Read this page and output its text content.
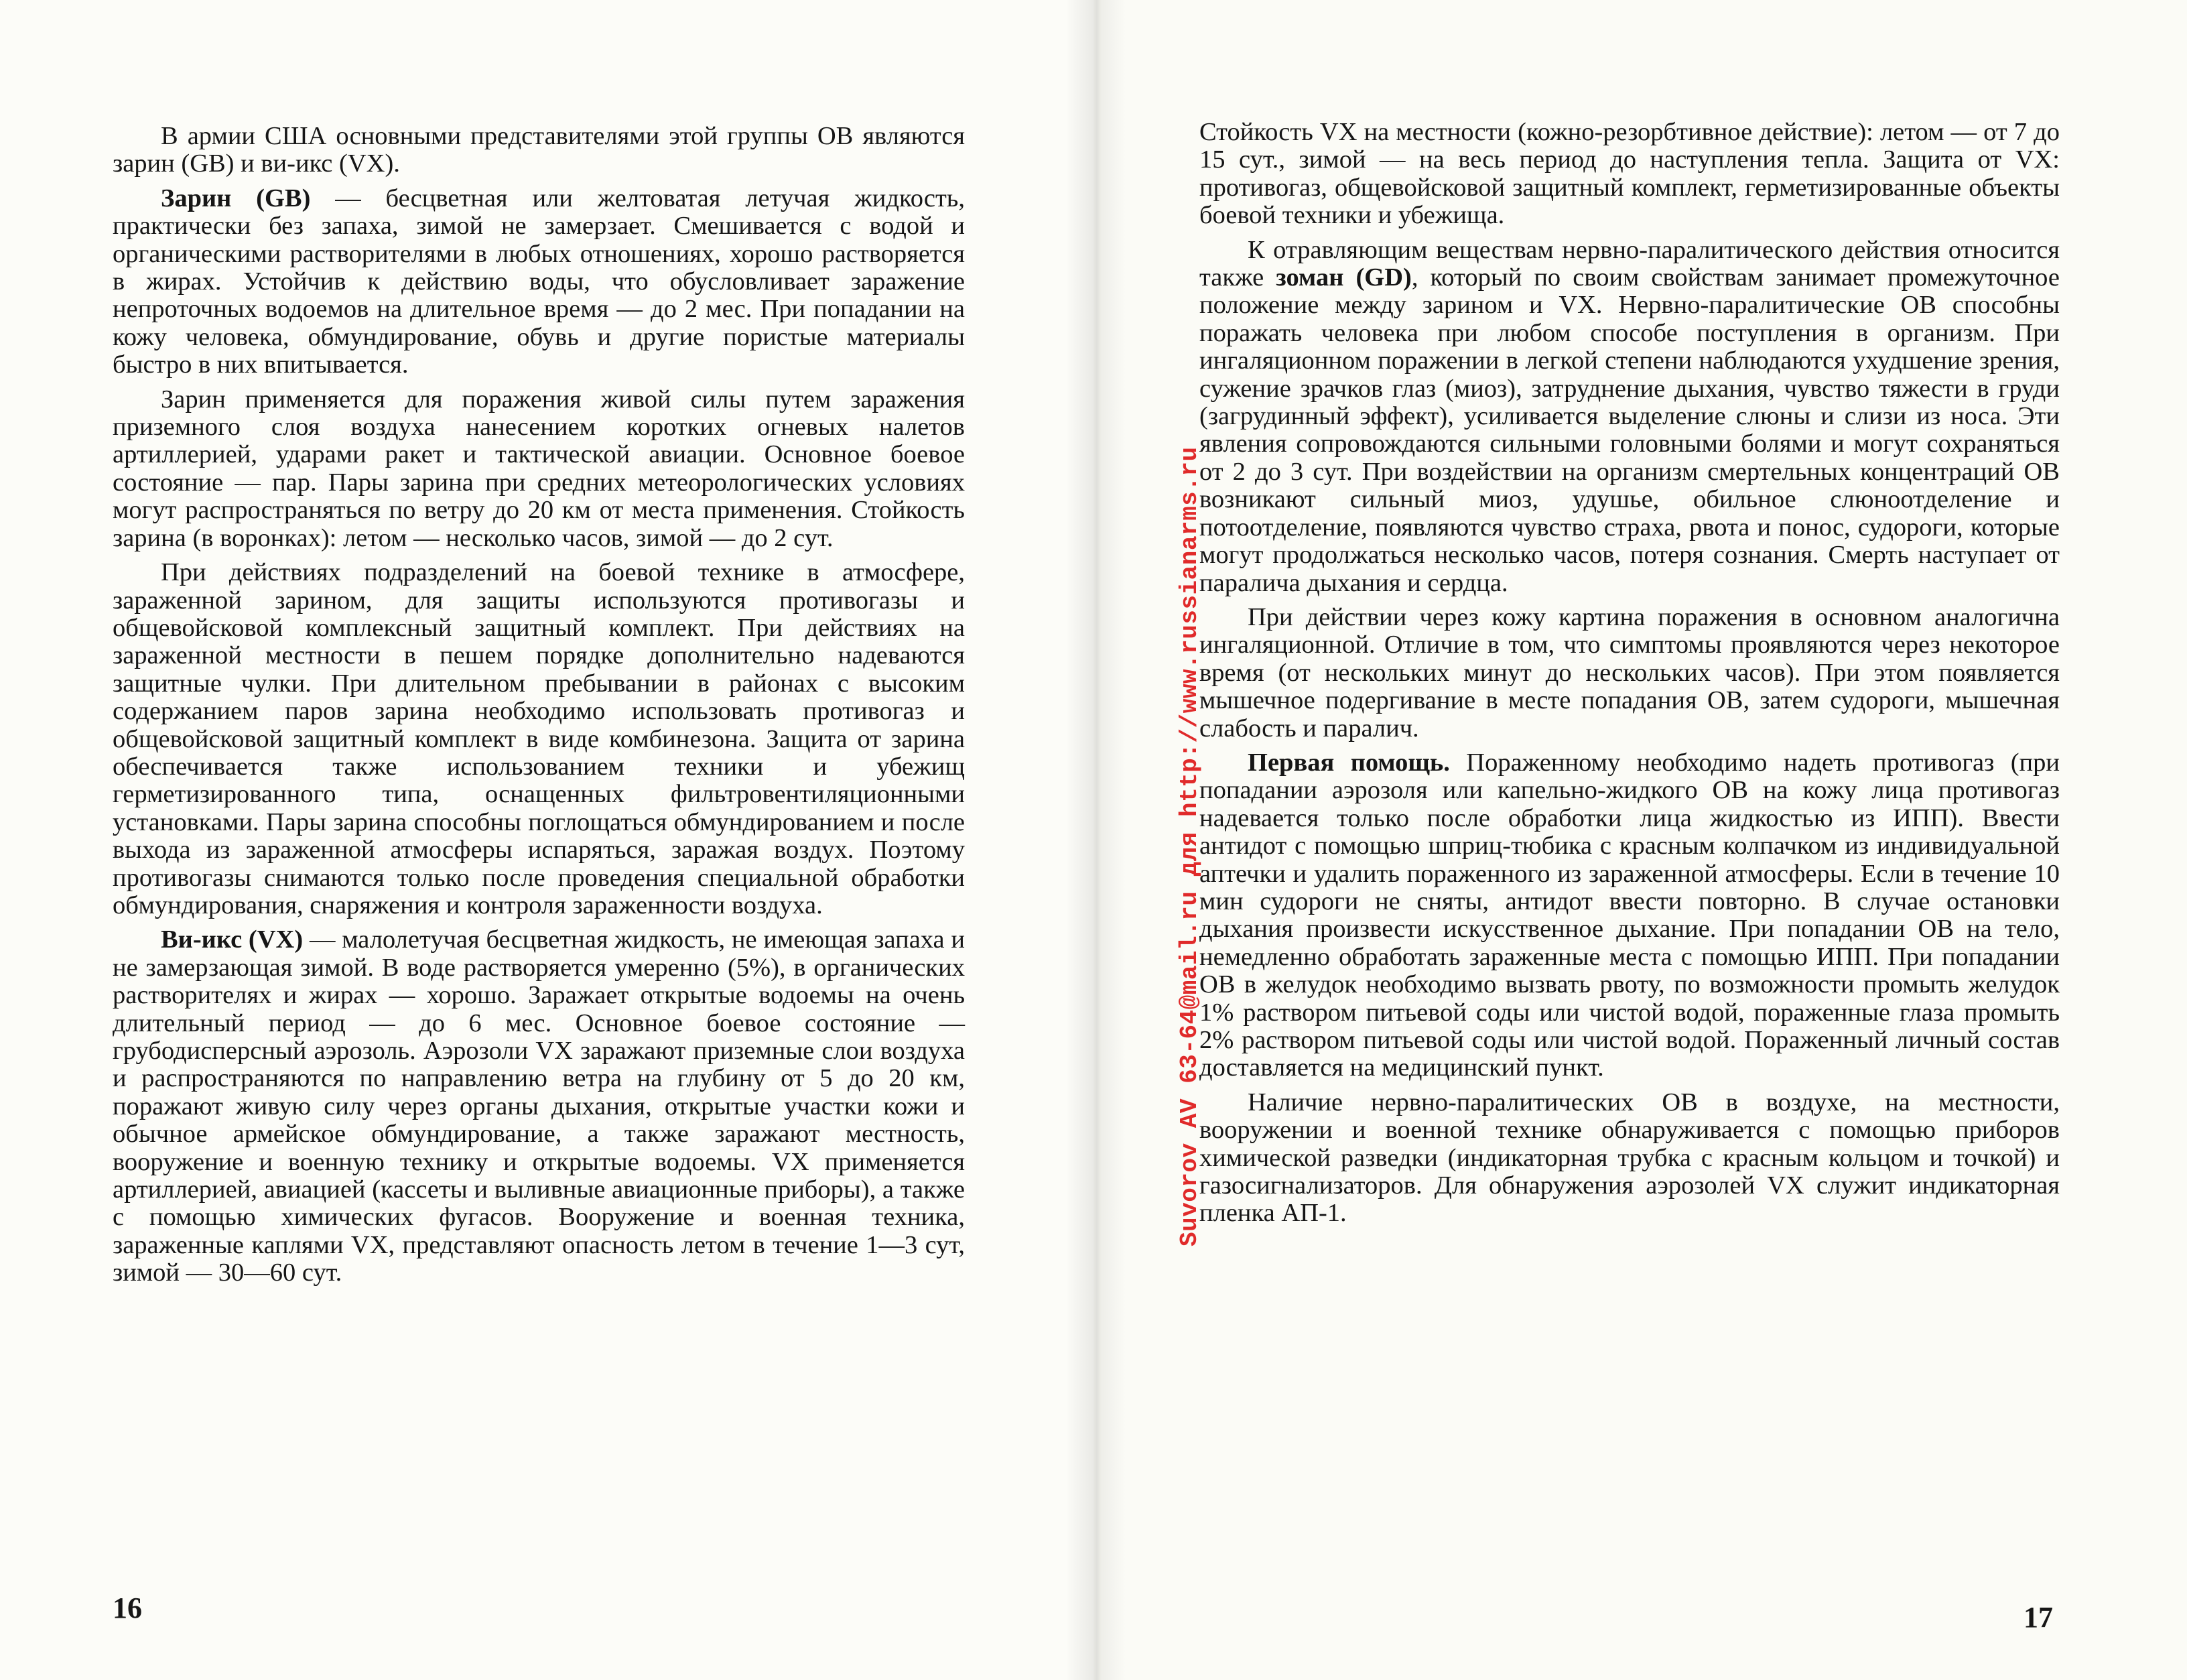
В армии США основными представителями этой группы ОВ являются зарин (GB) и ви-икс (VX).

Зарин (GB) — бесцветная или желтоватая летучая жидкость, практически без запаха, зимой не замерзает. Смешивается с водой и органическими растворителями в любых отношениях, хорошо растворяется в жирах. Устойчив к действию воды, что обусловливает заражение непроточных водоемов на длительное время — до 2 мес. При попадании на кожу человека, обмундирование, обувь и другие пористые материалы быстро в них впитывается.

Зарин применяется для поражения живой силы путем заражения приземного слоя воздуха нанесением коротких огневых налетов артиллерией, ударами ракет и тактической авиации. Основное боевое состояние — пар. Пары зарина при средних метеорологических условиях могут распространяться по ветру до 20 км от места применения. Стойкость зарина (в воронках): летом — несколько часов, зимой — до 2 сут.

При действиях подразделений на боевой технике в атмосфере, зараженной зарином, для защиты используются противогазы и общевойсковой комплексный защитный комплект. При действиях на зараженной местности в пешем порядке дополнительно надеваются защитные чулки. При длительном пребывании в районах с высоким содержанием паров зарина необходимо использовать противогаз и общевойсковой защитный комплект в виде комбинезона. Защита от зарина обеспечивается также использованием техники и убежищ герметизированного типа, оснащенных фильтровентиляционными установками. Пары зарина способны поглощаться обмундированием и после выхода из зараженной атмосферы испаряться, заражая воздух. Поэтому противогазы снимаются только после проведения специальной обработки обмундирования, снаряжения и контроля зараженности воздуха.

Ви-икс (VX) — малолетучая бесцветная жидкость, не имеющая запаха и не замерзающая зимой. В воде растворяется умеренно (5%), в органических растворителях и жирах — хорошо. Заражает открытые водоемы на очень длительный период — до 6 мес. Основное боевое состояние — грубодисперсный аэрозоль. Аэрозоли VX заражают приземные слои воздуха и распространяются по направлению ветра на глубину от 5 до 20 км, поражают живую силу через органы дыхания, открытые участки кожи и обычное армейское обмундирование, а также заражают местность, вооружение и военную технику и открытые водоемы. VX применяется артиллерией, авиацией (кассеты и выливные авиационные приборы), а также с помощью химических фугасов. Вооружение и военная техника, зараженные каплями VX, представляют опасность летом в течение 1—3 сут, зимой — 30—60 сут.

16

Стойкость VX на местности (кожно-резорбтивное действие): летом — от 7 до 15 сут., зимой — на весь период до наступления тепла. Защита от VX: противогаз, общевойсковой защитный комплект, герметизированные объекты боевой техники и убежища.

К отравляющим веществам нервно-паралитического действия относится также зоман (GD), который по своим свойствам занимает промежуточное положение между зарином и VX. Нервно-паралитические ОВ способны поражать человека при любом способе поступления в организм. При ингаляционном поражении в легкой степени наблюдаются ухудшение зрения, сужение зрачков глаз (миоз), затруднение дыхания, чувство тяжести в груди (загрудинный эффект), усиливается выделение слюны и слизи из носа. Эти явления сопровождаются сильными головными болями и могут сохраняться от 2 до 3 сут. При воздействии на организм смертельных концентраций ОВ возникают сильный миоз, удушье, обильное слюноотделение и потоотделение, появляются чувство страха, рвота и понос, судороги, которые могут продолжаться несколько часов, потеря сознания. Смерть наступает от паралича дыхания и сердца.

При действии через кожу картина поражения в основном аналогична ингаляционной. Отличие в том, что симптомы проявляются через некоторое время (от нескольких минут до нескольких часов). При этом появляется мышечное подергивание в месте попадания ОВ, затем судороги, мышечная слабость и паралич.

Первая помощь. Пораженному необходимо надеть противогаз (при попадании аэрозоля или капельно-жидкого ОВ на кожу лица противогаз надевается только после обработки лица жидкостью из ИПП). Ввести антидот с помощью шприц-тюбика с красным колпачком из индивидуальной аптечки и удалить пораженного из зараженной атмосферы. Если в течение 10 мин судороги не сняты, антидот ввести повторно. В случае остановки дыхания произвести искусственное дыхание. При попадании ОВ на тело, немедленно обработать зараженные места с помощью ИПП. При попадании ОВ в желудок необходимо вызвать рвоту, по возможности промыть желудок 1% раствором питьевой соды или чистой водой, пораженные глаза промыть 2% раствором питьевой соды или чистой водой. Пораженный личный состав доставляется на медицинский пункт.

Наличие нервно-паралитических ОВ в воздухе, на местности, вооружении и военной технике обнаруживается с помощью приборов химической разведки (индикаторная трубка с красным кольцом и точкой) и газосигнализаторов. Для обнаружения аэрозолей VX служит индикаторная пленка АП-1.

17
Suvorov AV 63-64@mail.ru для http://www.russianarms.ru
